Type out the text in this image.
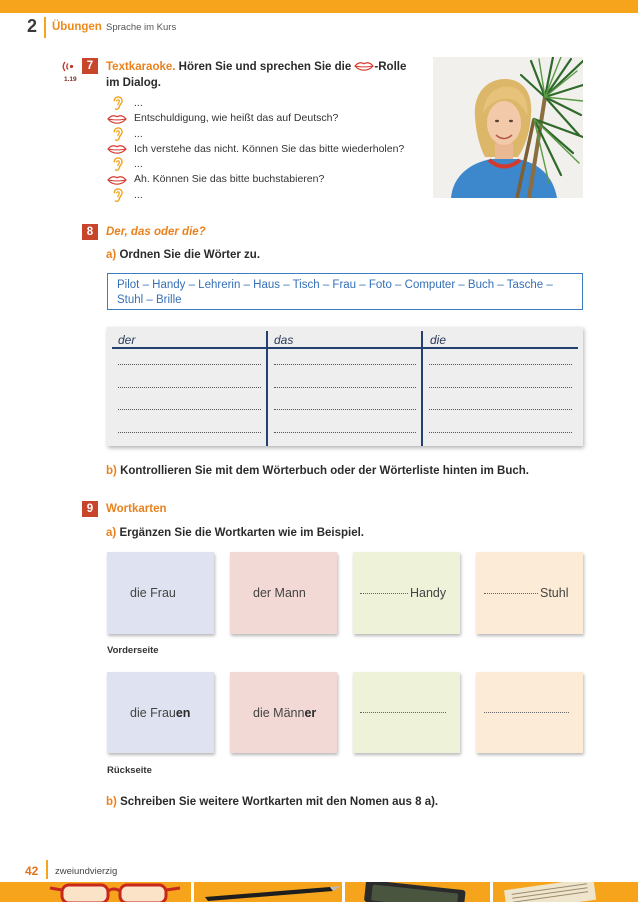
2 Übungen Sprache im Kurs
1.19
7	Textkaraoke. Hören Sie und sprechen Sie die -Rolle
im Dialog.
...
Entschuldigung, wie heißt das auf Deutsch?
...
Ich verstehe das nicht. Können Sie das bitte wiederholen?
...
Ah. Können Sie das bitte buchstabieren?
...
8	Der, das oder die?
a) Ordnen Sie die Wörter zu.
Pilot – Handy – Lehrerin – Haus – Tisch – Frau – Foto – Computer – Buch – Tasche –
Stuhl – Brille
der	das	die
b) Kontrollieren Sie mit dem Wörterbuch oder der Wörterliste hinten im Buch.
9	Wortkarten
a) Ergänzen Sie die Wortkarten wie im Beispiel.
die Frau	der Mann	Handy	Stuhl
Vorderseite
die Frau en	die Männ er
Rückseite
b) Schreiben Sie weitere Wortkarten mit den Nomen aus 8 a).
42 zweiundvierzig
